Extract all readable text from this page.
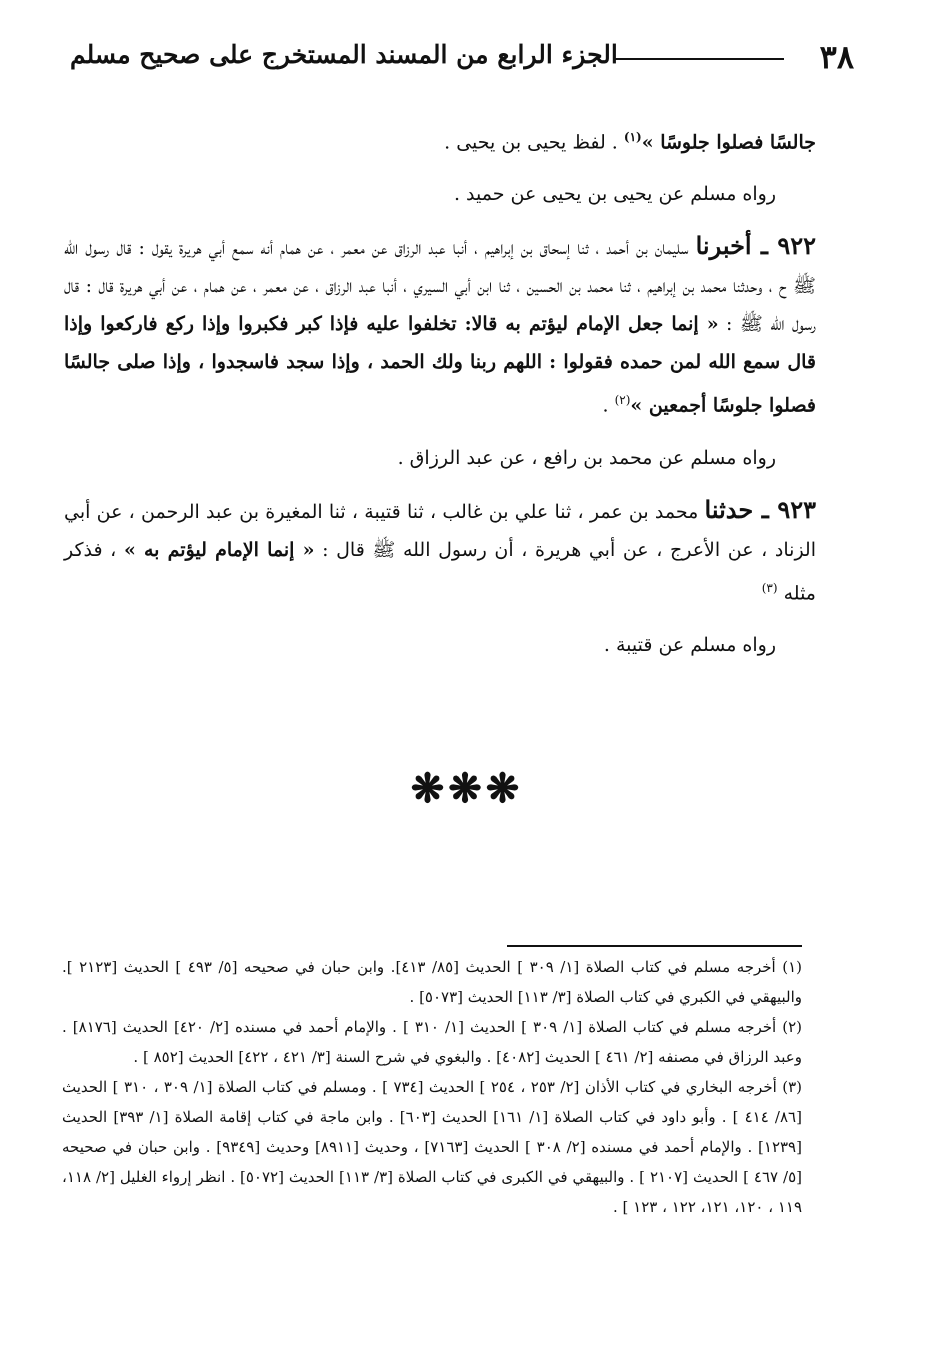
٣٨
الجزء الرابع من المسند المستخرج على صحيح مسلم

جالسًا فصلوا جلوسًا »$^{(١)}$ . لفظ يحيى بن يحيى .

رواه مسلم عن يحيى بن يحيى عن حميد .

٩٢٢ ـ أخبرنا سليمان بن أحمد ، ثنا إسحاق بن إبراهيم ، أنبا عبد الرزاق عن معمر ، عن همام أنه سمع أبي هريرة يقول : قال رسول الله ﷺ ح ، وحدثنا محمد بن إبراهيم ، ثنا محمد بن الحسين ، ثنا ابن أبي السيري ، أنبا عبد الرزاق ، عن معمر ، عن همام ، عن أبي هريرة قال : قال رسول الله ﷺ : « إنما جعل الإمام ليؤتم به قالا: تخلفوا عليه فإذا كبر فكبروا وإذا ركع فاركعوا وإذا قال سمع الله لمن حمده فقولوا : اللهم ربنا ولك الحمد ، وإذا سجد فاسجدوا ، وإذا صلى جالسًا فصلوا جلوسًا أجمعين »$^{(٢)}$ .

رواه مسلم عن محمد بن رافع ، عن عبد الرزاق .

٩٢٣ ـ حدثنا محمد بن عمر ، ثنا علي بن غالب ، ثنا قتيبة ، ثنا المغيرة بن عبد الرحمن ، عن أبي الزناد ، عن الأعرج ، عن أبي هريرة ، أن رسول الله ﷺ قال : « إنما الإمام ليؤتم به » ، فذكر مثله $^{(٣)}$

رواه مسلم عن قتيبة .

❋❋❋

(١) أخرجه مسلم في كتاب الصلاة [١/ ٣٠٩ ] الحديث [٨٥/ ٤١٣]. وابن حبان في صحيحه [٥/ ٤٩٣ ] الحديث [٢١٢٣ ]. والبيهقي في الكبري في كتاب الصلاة [٣/ ١١٣] الحديث [٥٠٧٣] .

(٢) أخرجه مسلم في كتاب الصلاة [١/ ٣٠٩ ] الحديث [١/ ٣١٠ ] . والإمام أحمد في مسنده [٢/ ٤٢٠] الحديث [٨١٧٦] . وعبد الرزاق في مصنفه [٢/ ٤٦١ ] الحديث [٤٠٨٢] . والبغوي في شرح السنة [٣/ ٤٢١ ، ٤٢٢] الحديث [٨٥٢ ] .

(٣) أخرجه البخاري في كتاب الأذان [٢/ ٢٥٣ ، ٢٥٤ ] الحديث [٧٣٤ ] . ومسلم في كتاب الصلاة [١/ ٣٠٩ ، ٣١٠ ] الحديث [٨٦/ ٤١٤ ] . وأبو داود في كتاب الصلاة [١/ ١٦١] الحديث [٦٠٣] . وابن ماجة في كتاب إقامة الصلاة [١/ ٣٩٣] الحديث [١٢٣٩] . والإمام أحمد في مسنده [٢/ ٣٠٨ ] الحديث [٧١٦٣] ، وحديث [٨٩١١] وحديث [٩٣٤٩] . وابن حبان في صحيحه [٥/ ٤٦٧ ] الحديث [٢١٠٧ ] . والبيهقي في الكبرى في كتاب الصلاة [٣/ ١١٣] الحديث [٥٠٧٢] . انظر إرواء الغليل [٢/ ١١٨، ١١٩ ، ١٢٠، ١٢١، ١٢٢ ، ١٢٣ ] .
